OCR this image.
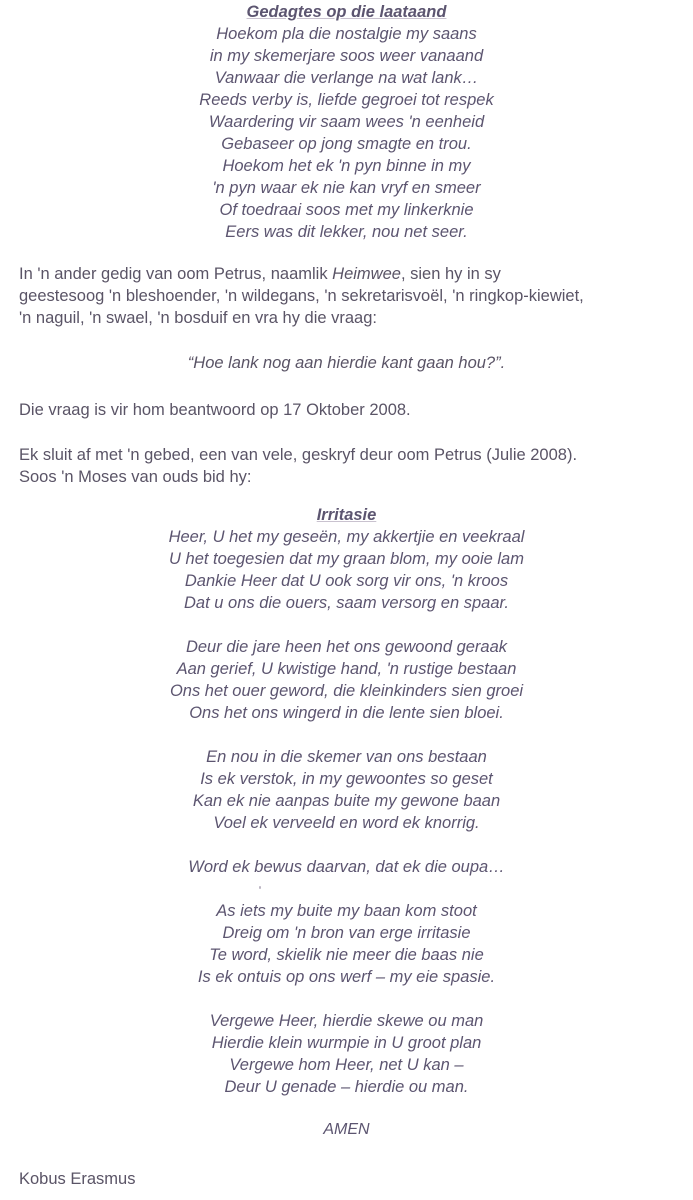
Gedagtes op die laataand
Hoekom pla die nostalgie my saans
in my skemerjare soos weer vanaand
Vanwaar die verlange na wat lank…
Reeds verby is, liefde gegroei tot respek
Waardering vir saam wees 'n eenheid
Gebaseer op jong smagte en trou.
Hoekom het ek 'n pyn binne in my
'n pyn waar ek nie kan vryf en smeer
Of toedraai soos met my linkerknie
Eers was dit lekker, nou net seer.
In 'n ander gedig van oom Petrus, naamlik Heimwee, sien hy in sy
geestesoog 'n bleshoender, 'n wildegans, 'n sekretarisvoël, 'n ringkop-kiewiet,
'n naguil, 'n swael, 'n bosduif en vra hy die vraag:
“Hoe lank nog aan hierdie kant gaan hou?”.
Die vraag is vir hom beantwoord op 17 Oktober 2008.
Ek sluit af met 'n gebed, een van vele, geskryf deur oom Petrus (Julie 2008).
Soos 'n Moses van ouds bid hy:
Irritasie
Heer, U het my geseën, my akkertjie en veekraal
U het toegesien dat my graan blom, my ooie lam
Dankie Heer dat U ook sorg vir ons, 'n kroos
Dat u ons die ouers, saam versorg en spaar.
Deur die jare heen het ons gewoond geraak
Aan gerief, U kwistige hand, 'n rustige bestaan
Ons het ouer geword, die kleinkinders sien groei
Ons het ons wingerd in die lente sien bloei.
En nou in die skemer van ons bestaan
Is ek verstok, in my gewoontes so geset
Kan ek nie aanpas buite my gewone baan
Voel ek verveeld en word ek knorrig.
Word ek bewus daarvan, dat ek die oupa…
As iets my buite my baan kom stoot
Dreig om 'n bron van erge irritasie
Te word, skielik nie meer die baas nie
Is ek ontuis op ons werf – my eie spasie.
Vergewe Heer, hierdie skewe ou man
Hierdie klein wurmpie in U groot plan
Vergewe hom Heer, net U kan –
Deur U genade – hierdie ou man.
AMEN
Kobus Erasmus
